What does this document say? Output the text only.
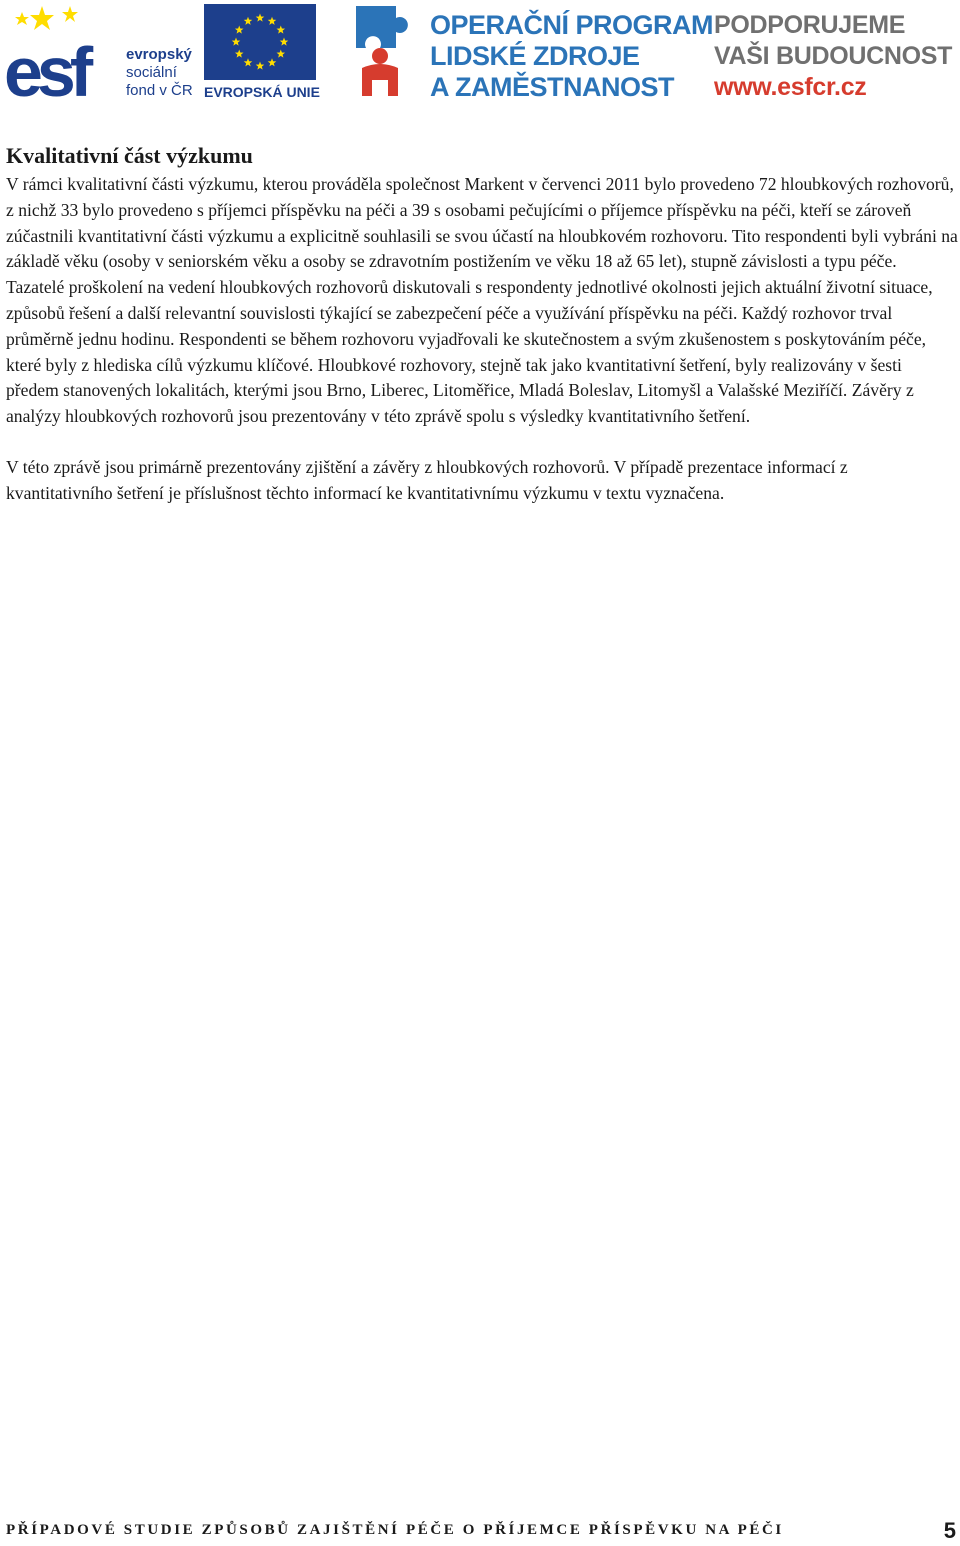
esf	evropský
sociální
fond v ČR EVROPSKÁ UNIE
OPERAČNÍ PROGRAM
LIDSKÉ ZDROJE
A ZAMĚSTNANOST
PODPORUJEME
VAŠI BUDOUCNOST
www.esfcr.cz
Kvalitativní část výzkumu

V rámci kvalitativní části výzkumu, kterou prováděla společnost Markent v červenci 2011 bylo provedeno 72 hloubkových rozhovorů, z nichž 33 bylo provedeno s příjemci příspěvku na péči a 39 s osobami pečujícími o příjemce příspěvku na péči, kteří se zároveň zúčastnili kvantitativní části výzkumu a explicitně souhlasili se svou účastí na hloubkovém rozhovoru. Tito respondenti byli vybráni na základě věku (osoby v seniorském věku a osoby se zdravotním postižením ve věku 18 až 65 let), stupně závislosti a typu péče. Tazatelé proškolení na vedení hloubkových rozhovorů diskutovali s respondenty jednotlivé okolnosti jejich aktuální životní situace, způsobů řešení a další relevantní souvislosti týkající se zabezpečení péče a využívání příspěvku na péči. Každý rozhovor trval průměrně jednu hodinu. Respondenti se během rozhovoru vyjadřovali ke skutečnostem a svým zkušenostem s poskytováním péče, které byly z hlediska cílů výzkumu klíčové. Hloubkové rozhovory, stejně tak jako kvantitativní šetření, byly realizovány v šesti předem stanovených lokalitách, kterými jsou Brno, Liberec, Litoměřice, Mladá Boleslav, Litomyšl a Valašské Meziříčí. Závěry z analýzy hloubkových rozhovorů jsou prezentovány v této zprávě spolu s výsledky kvantitativního šetření.

V této zprávě jsou primárně prezentovány zjištění a závěry z hloubkových rozhovorů. V případě prezentace informací z kvantitativního šetření je příslušnost těchto informací ke kvantitativnímu výzkumu v textu vyznačena.

PŘÍPADOVÉ STUDIE ZPŮSOBŮ ZAJIŠTĚNÍ PÉČE O PŘÍJEMCE PŘÍSPĚVKU NA PÉČI	5
